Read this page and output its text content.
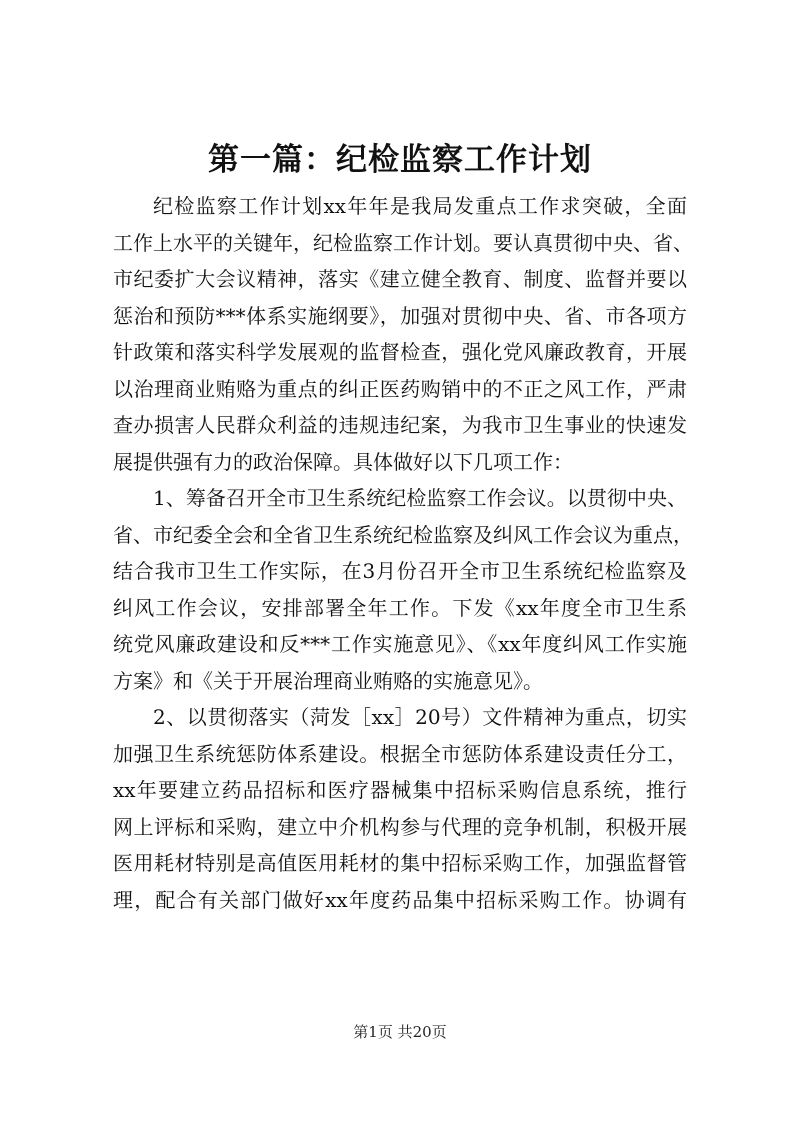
第一篇：纪检监察工作计划
纪检监察工作计划xx年年是我局发重点工作求突破，全面
工作上水平的关键年，纪检监察工作计划。要认真贯彻中央、省、
市纪委扩大会议精神，落实《建立健全教育、制度、监督并要以
惩治和预防***体系实施纲要》，加强对贯彻中央、省、市各项方
针政策和落实科学发展观的监督检查，强化党风廉政教育，开展
以治理商业贿赂为重点的纠正医药购销中的不正之风工作，严肃
查办损害人民群众利益的违规违纪案，为我市卫生事业的快速发
展提供强有力的政治保障。具体做好以下几项工作：
1、筹备召开全市卫生系统纪检监察工作会议。以贯彻中央、
省、市纪委全会和全省卫生系统纪检监察及纠风工作会议为重点，
结合我市卫生工作实际，在3月份召开全市卫生系统纪检监察及
纠风工作会议，安排部署全年工作。下发《xx年度全市卫生系
统党风廉政建设和反***工作实施意见》、《xx年度纠风工作实施
方案》和《关于开展治理商业贿赂的实施意见》。
2、以贯彻落实（菏发［xx］20号）文件精神为重点，切实
加强卫生系统惩防体系建设。根据全市惩防体系建设责任分工，
xx年要建立药品招标和医疗器械集中招标采购信息系统，推行
网上评标和采购，建立中介机构参与代理的竞争机制，积极开展
医用耗材特别是高值医用耗材的集中招标采购工作，加强监督管
理，配合有关部门做好xx年度药品集中招标采购工作。协调有
第1页 共20页
